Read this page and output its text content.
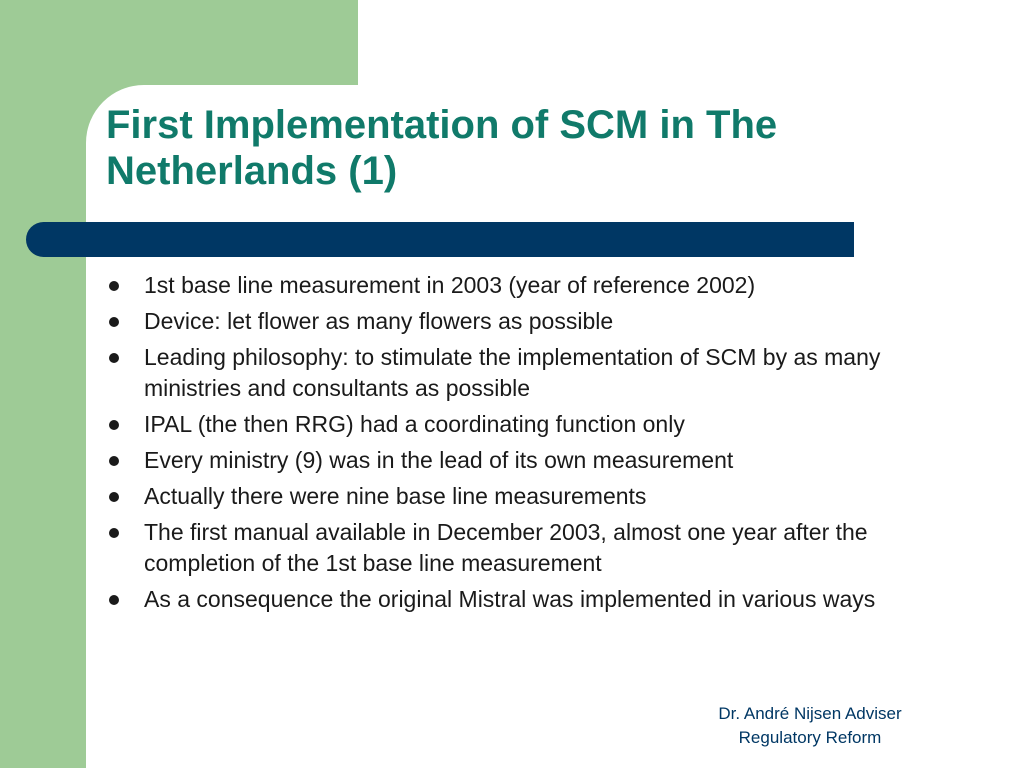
First Implementation of SCM in The Netherlands (1)
1st base line measurement in 2003 (year of reference 2002)
Device: let flower as many flowers as possible
Leading philosophy: to stimulate the implementation of SCM by as many ministries and consultants as possible
IPAL (the then RRG) had a coordinating function only
Every ministry (9) was in the lead of its own measurement
Actually there were nine base line measurements
The first manual available in December 2003, almost one year after the completion of the 1st base line measurement
As a consequence the original Mistral was implemented in various ways
Dr. André Nijsen Adviser
Regulatory Reform
